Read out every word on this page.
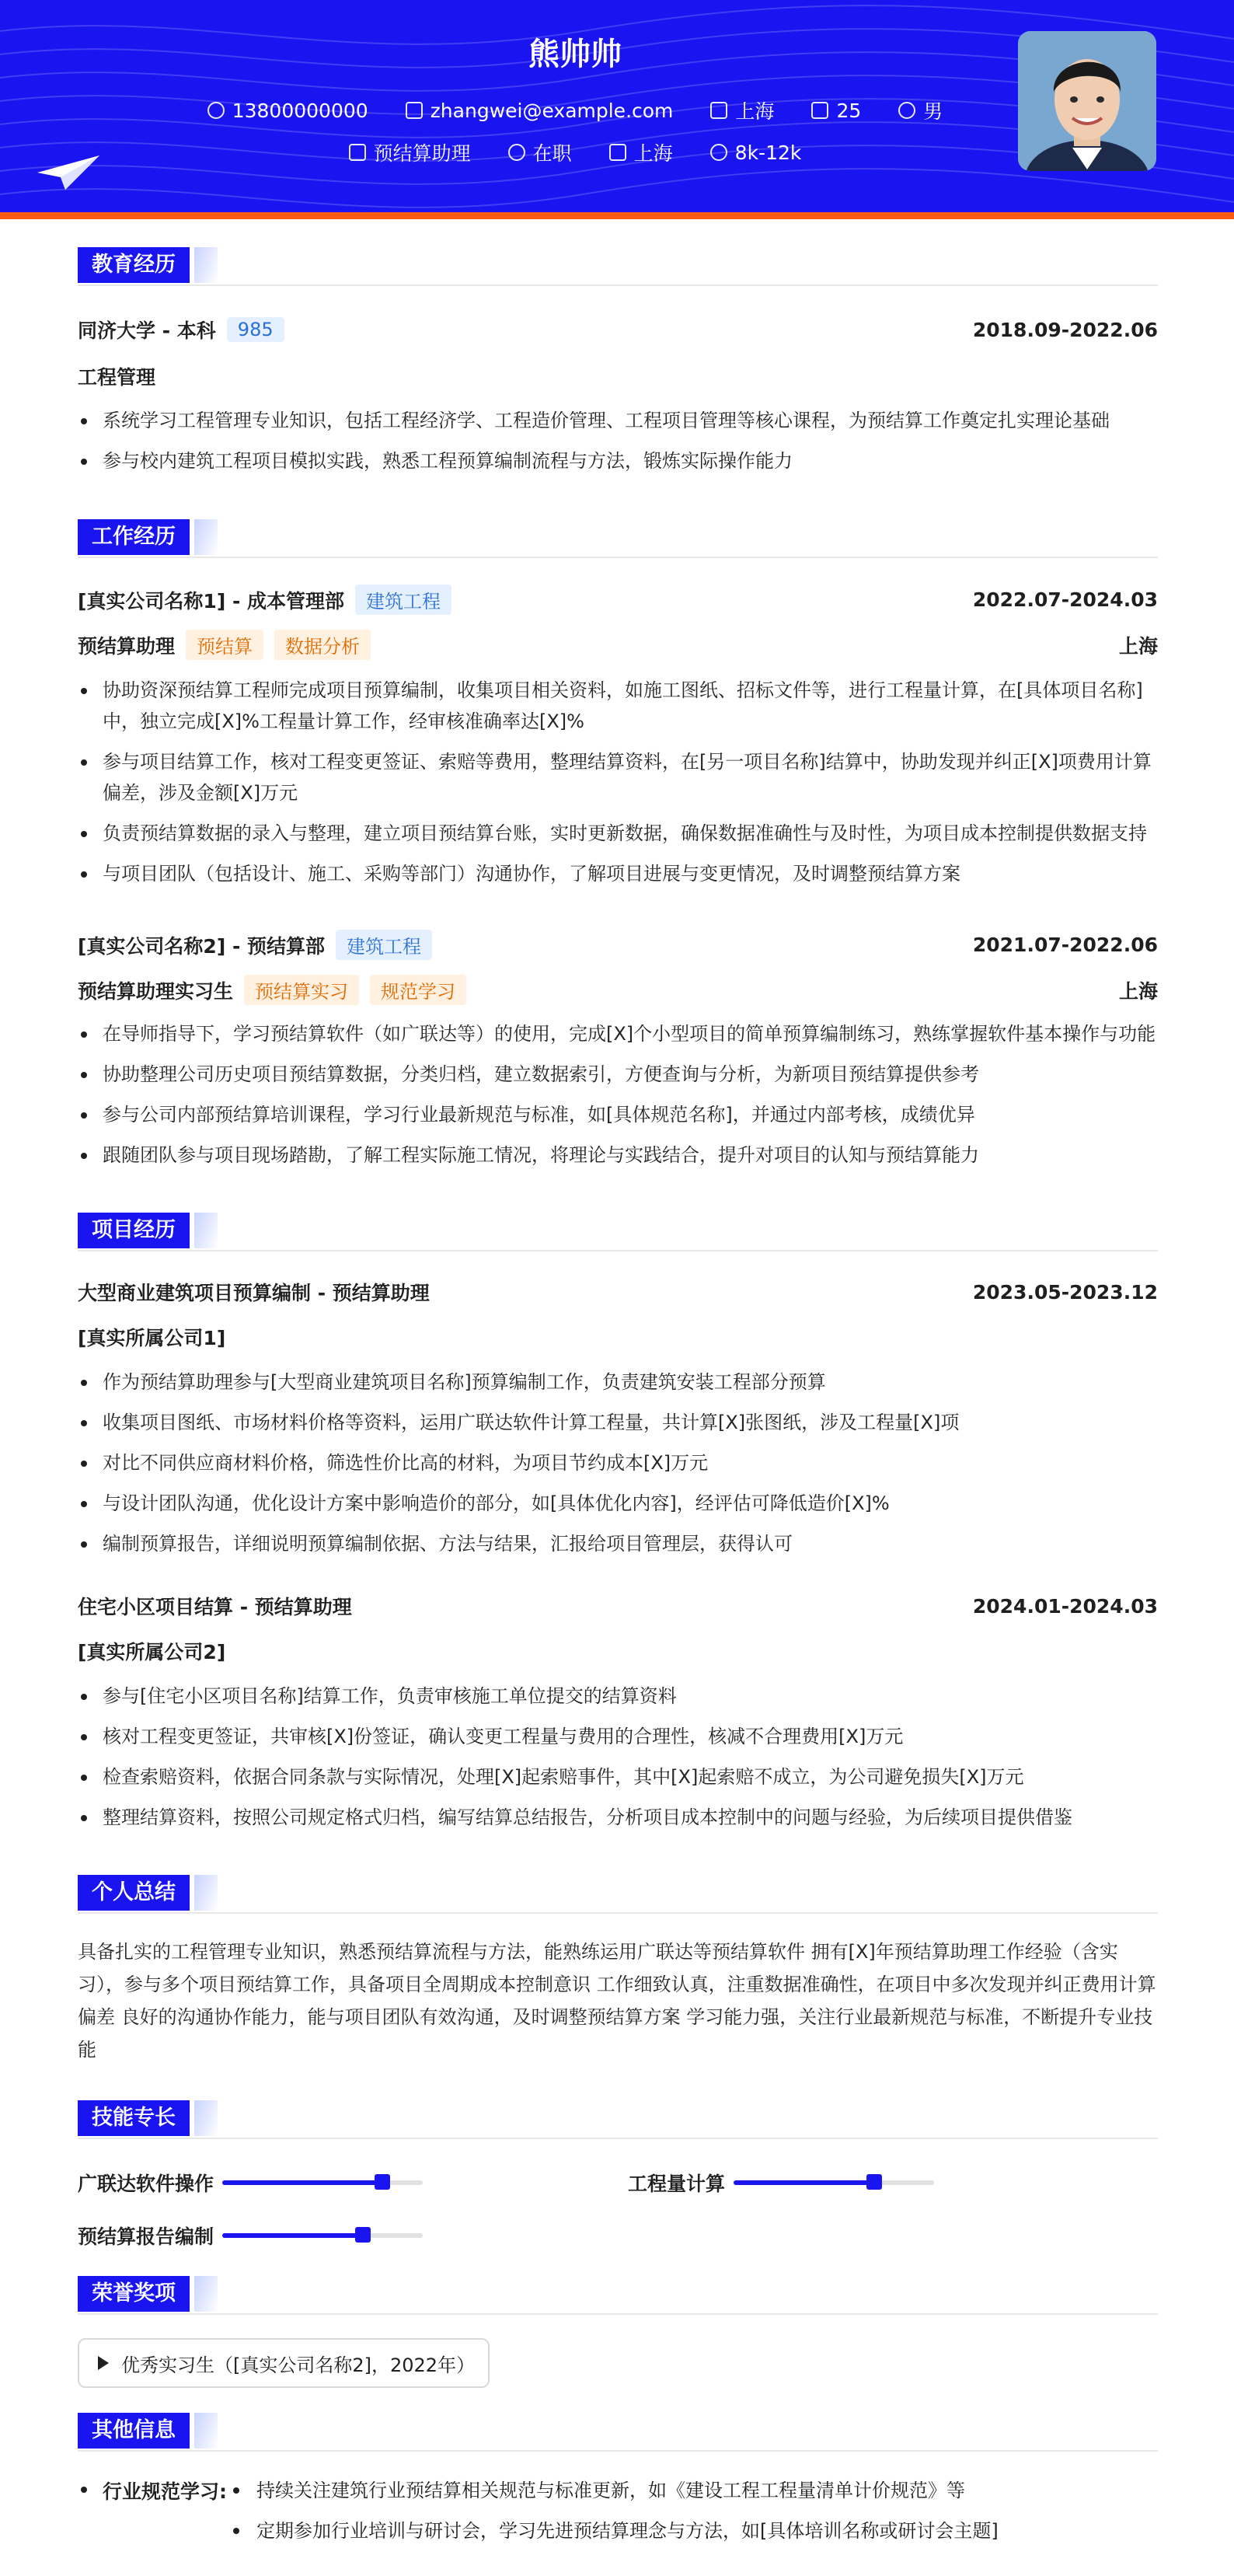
熊帅帅
13800000000	zhangwei@example.com	上海	25	男
预结算助理	在职	上海	8k-12k
教育经历
同济大学 - 本科	985	2018.09-2022.06
工程管理
系统学习工程管理专业知识，包括工程经济学、工程造价管理、工程项目管理等核心课程，为预结算工作奠定扎实理论基础
参与校内建筑工程项目模拟实践，熟悉工程预算编制流程与方法，锻炼实际操作能力
工作经历
[真实公司名称1] - 成本管理部	建筑工程	2022.07-2024.03
预结算助理	预结算	数据分析	上海
协助资深预结算工程师完成项目预算编制，收集项目相关资料，如施工图纸、招标文件等，进行工程量计算，在[具体项目名称]中，独立完成[X]%工程量计算工作，经审核准确率达[X]%
参与项目结算工作，核对工程变更签证、索赔等费用，整理结算资料，在[另一项目名称]结算中，协助发现并纠正[X]项费用计算偏差，涉及金额[X]万元
负责预结算数据的录入与整理，建立项目预结算台账，实时更新数据，确保数据准确性与及时性，为项目成本控制提供数据支持
与项目团队（包括设计、施工、采购等部门）沟通协作，了解项目进展与变更情况，及时调整预结算方案
[真实公司名称2] - 预结算部	建筑工程	2021.07-2022.06
预结算助理实习生	预结算实习	规范学习	上海
在导师指导下，学习预结算软件（如广联达等）的使用，完成[X]个小型项目的简单预算编制练习，熟练掌握软件基本操作与功能
协助整理公司历史项目预结算数据，分类归档，建立数据索引，方便查询与分析，为新项目预结算提供参考
参与公司内部预结算培训课程，学习行业最新规范与标准，如[具体规范名称]，并通过内部考核，成绩优异
跟随团队参与项目现场踏勘，了解工程实际施工情况，将理论与实践结合，提升对项目的认知与预结算能力
项目经历
大型商业建筑项目预算编制 - 预结算助理	2023.05-2023.12
[真实所属公司1]
作为预结算助理参与[大型商业建筑项目名称]预算编制工作，负责建筑安装工程部分预算
收集项目图纸、市场材料价格等资料，运用广联达软件计算工程量，共计算[X]张图纸，涉及工程量[X]项
对比不同供应商材料价格，筛选性价比高的材料，为项目节约成本[X]万元
与设计团队沟通，优化设计方案中影响造价的部分，如[具体优化内容]，经评估可降低造价[X]%
编制预算报告，详细说明预算编制依据、方法与结果，汇报给项目管理层，获得认可
住宅小区项目结算 - 预结算助理	2024.01-2024.03
[真实所属公司2]
参与[住宅小区项目名称]结算工作，负责审核施工单位提交的结算资料
核对工程变更签证，共审核[X]份签证，确认变更工程量与费用的合理性，核减不合理费用[X]万元
检查索赔资料，依据合同条款与实际情况，处理[X]起索赔事件，其中[X]起索赔不成立，为公司避免损失[X]万元
整理结算资料，按照公司规定格式归档，编写结算总结报告，分析项目成本控制中的问题与经验，为后续项目提供借鉴
个人总结
具备扎实的工程管理专业知识，熟悉预结算流程与方法，能熟练运用广联达等预结算软件 拥有[X]年预结算助理工作经验（含实习），参与多个项目预结算工作，具备项目全周期成本控制意识 工作细致认真，注重数据准确性，在项目中多次发现并纠正费用计算偏差 良好的沟通协作能力，能与项目团队有效沟通，及时调整预结算方案 学习能力强，关注行业最新规范与标准，不断提升专业技能
技能专长
广联达软件操作	工程量计算
预结算报告编制
荣誉奖项
优秀实习生（[真实公司名称2]，2022年）
其他信息
行业规范学习:	持续关注建筑行业预结算相关规范与标准更新，如《建设工程工程量清单计价规范》等
定期参加行业培训与研讨会，学习先进预结算理念与方法，如[具体培训名称或研讨会主题]
